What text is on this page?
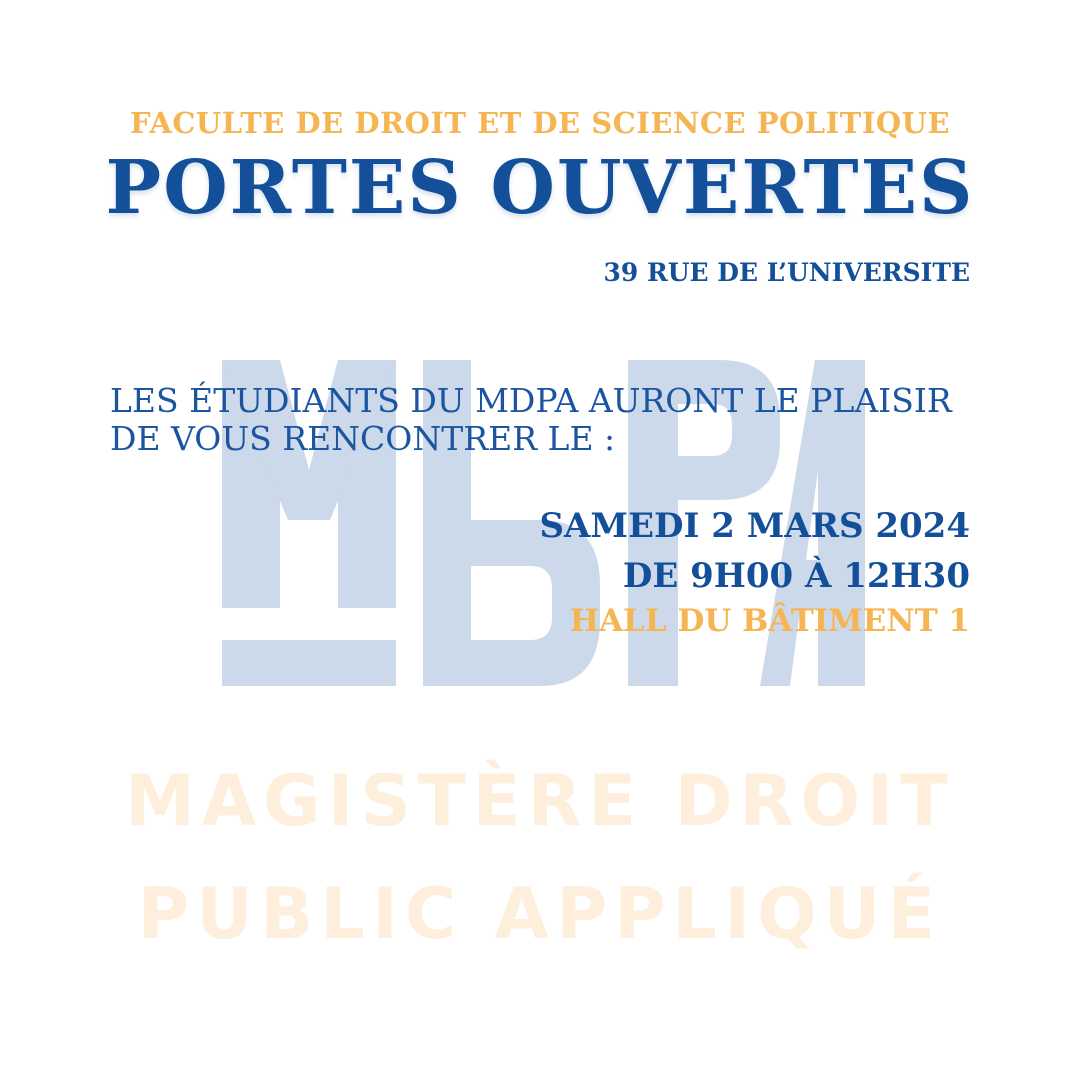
MAGISTÈRE DROIT
PUBLIC APPLIQUÉ
FACULTE DE DROIT ET DE SCIENCE POLITIQUE
PORTES OUVERTES
39 RUE DE L’UNIVERSITE
LES ÉTUDIANTS DU MDPA AURONT LE PLAISIR
DE VOUS RENCONTRER LE :
SAMEDI 2 MARS 2024
DE 9H00 À 12H30
HALL DU BÂTIMENT 1
